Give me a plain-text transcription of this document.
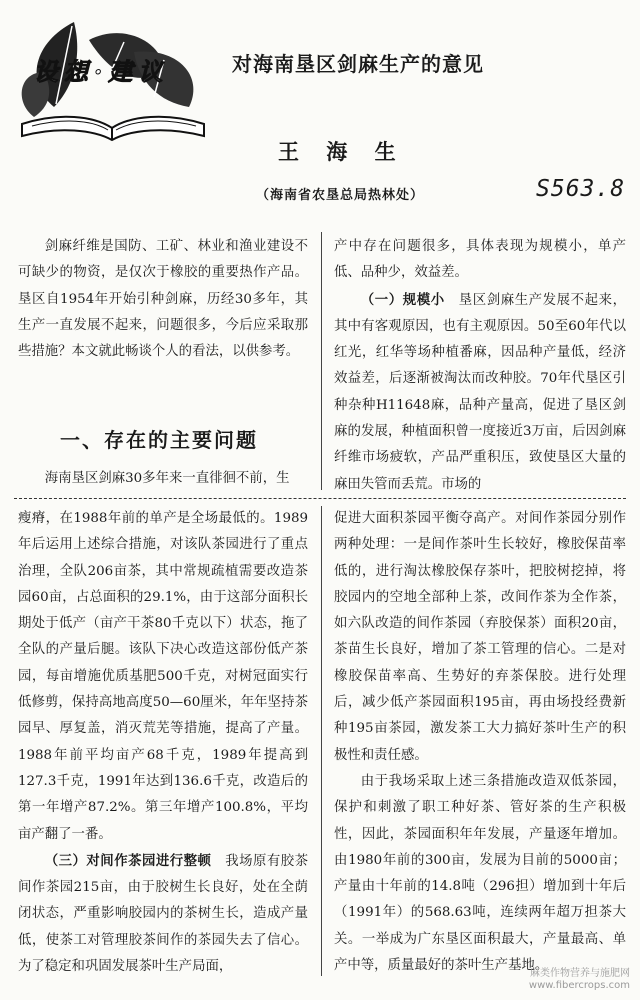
设想·建议	对海南垦区剑麻生产的意见
王 海 生
（海南省农垦总局热林处）	S563.8

剑麻纤维是国防、工矿、林业和渔业建设不可缺少的物资，是仅次于橡胶的重要热作产品。垦区自1954年开始引种剑麻，历经30多年，其生产一直发展不起来，问题很多，今后应采取那些措施？本文就此畅谈个人的看法，以供参考。

一、存在的主要问题

海南垦区剑麻30多年来一直徘徊不前，生

产中存在问题很多，具体表现为规模小，单产低、品种少，效益差。

（一）规模小　 垦区剑麻生产发展不起来，其中有客观原因，也有主观原因。50至60年代以红光，红华等场种植番麻，因品种产量低，经济效益差，后逐渐被淘汰而改种胶。70年代垦区引种杂种H11648麻，品种产量高，促进了垦区剑麻的发展，种植面积曾一度接近3万亩，后因剑麻纤维市场疲软，产品严重积压，致使垦区大量的麻田失管而丢荒。市场的

瘦瘠，在1988年前的单产是全场最低的。1989年后运用上述综合措施，对该队茶园进行了重点治理，全队206亩茶，其中常规疏植需要改造茶园60亩，占总面积的29.1%，由于这部分面积长期处于低产（亩产干茶80千克以下）状态，拖了全队的产量后腿。该队下决心改造这部份低产茶园，每亩增施优质基肥500千克，对树冠面实行低修剪，保持高地高度50—60厘米，年年坚持茶园早、厚复盖，消灭荒芜等措施，提高了产量。1988年前平均亩产68千克，1989年提高到127.3千克，1991年达到136.6千克，改造后的第一年增产87.2%。第三年增产100.8%，平均亩产翻了一番。

（三）对间作茶园进行整顿　 我场原有胶茶间作茶园215亩，由于胶树生长良好，处在全荫闭状态，严重影响胶园内的茶树生长，造成产量低，使茶工对管理胶茶间作的茶园失去了信心。为了稳定和巩固发展茶叶生产局面，

促进大面积茶园平衡夺高产。对间作茶园分别作两种处理：一是间作茶叶生长较好，橡胶保苗率低的，进行淘汰橡胶保存茶叶，把胶树挖掉，将胶园内的空地全部种上茶，改间作茶为全作茶，如六队改造的间作茶园（弃胶保茶）面积20亩，茶苗生长良好，增加了茶工管理的信心。二是对橡胶保苗率高、生势好的弃茶保胶。进行处理后，减少低产茶园面积195亩，再由场投经费新种195亩茶园，激发茶工大力搞好茶叶生产的积极性和责任感。

由于我场采取上述三条措施改造双低茶园，保护和刺激了职工种好茶、管好茶的生产积极性，因此，茶园面积年年发展，产量逐年增加。由1980年前的300亩，发展为目前的5000亩；产量由十年前的14.8吨（296担）增加到十年后（1991年）的568.63吨，连续两年超万担茶大关。一举成为广东垦区面积最大，产量最高、单产中等，质量最好的茶叶生产基地。

麻类作物营养与施肥网
www.fibercrops.com
